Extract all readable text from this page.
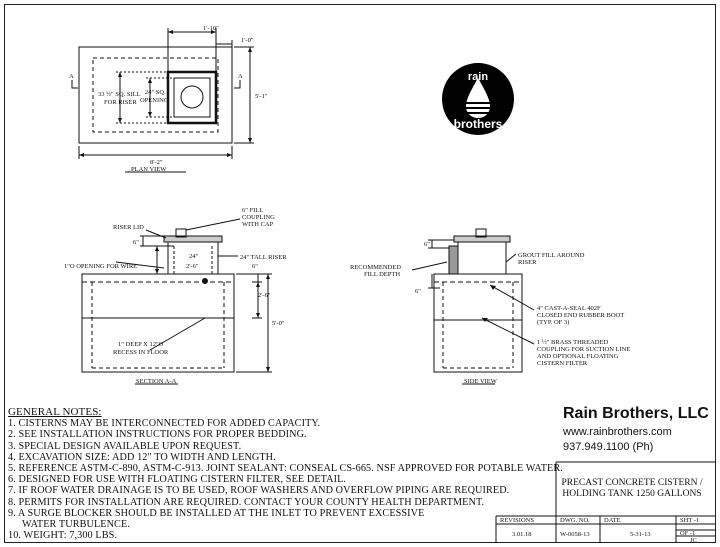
1'-10"
1'-0"
5'-1"
8'-2"
33 ½" SQ. SILL
FOR RISER
24" SQ.
OPENING
A	A
PLAN VIEW
RISER LID
6" FILL
COUPLING
WITH CAP
6"
24"
2'-6"
1"O OPENING FOR WIRE
24" TALL RISER
6"
2'-6"
5'-0"
1" DEEP X 12"O
RECESS IN FLOOR
SECTION A-A
GROUT FILL AROUND
RISER
RECOMMENDED
FILL DEPTH
6"
6"
4" CAST-A-SEAL 402F
CLOSED END RUBBER BOOT
(TYP. OF 3)
1 ½" BRASS THREADED
COUPLING FOR SUCTION LINE
AND OPTIONAL FLOATING
CISTERN FILTER
SIDE VIEW
rain
brothers
REVISIONS	DWG. NO. DATE	SHT -1
OF -1
3.01.18	W-0058-13	5-31-13
JC
GENERAL NOTES:
1. CISTERNS MAY BE INTERCONNECTED FOR ADDED CAPACITY.
2. SEE INSTALLATION INSTRUCTIONS FOR PROPER BEDDING.
3. SPECIAL DESIGN AVAILABLE UPON REQUEST.
4. EXCAVATION SIZE: ADD 12" TO WIDTH AND LENGTH.
5. REFERENCE ASTM-C-890, ASTM-C-913. JOINT SEALANT: CONSEAL CS-665. NSF APPROVED FOR POTABLE WATER.
6. DESIGNED FOR USE WITH FLOATING CISTERN FILTER, SEE DETAIL.
7. IF ROOF WATER DRAINAGE IS TO BE USED, ROOF WASHERS AND OVERFLOW PIPING ARE REQUIRED.
8. PERMITS FOR INSTALLATION ARE REQUIRED. CONTACT YOUR COUNTY HEALTH DEPARTMENT.
9. A SURGE BLOCKER SHOULD BE INSTALLED AT THE INLET TO PREVENT EXCESSIVE
WATER TURBULENCE.
10. WEIGHT: 7,300 LBS.
Rain Brothers, LLC
www.rainbrothers.com
937.949.1100 (Ph)
PRECAST CONCRETE CISTERN /
HOLDING TANK 1250 GALLONS
